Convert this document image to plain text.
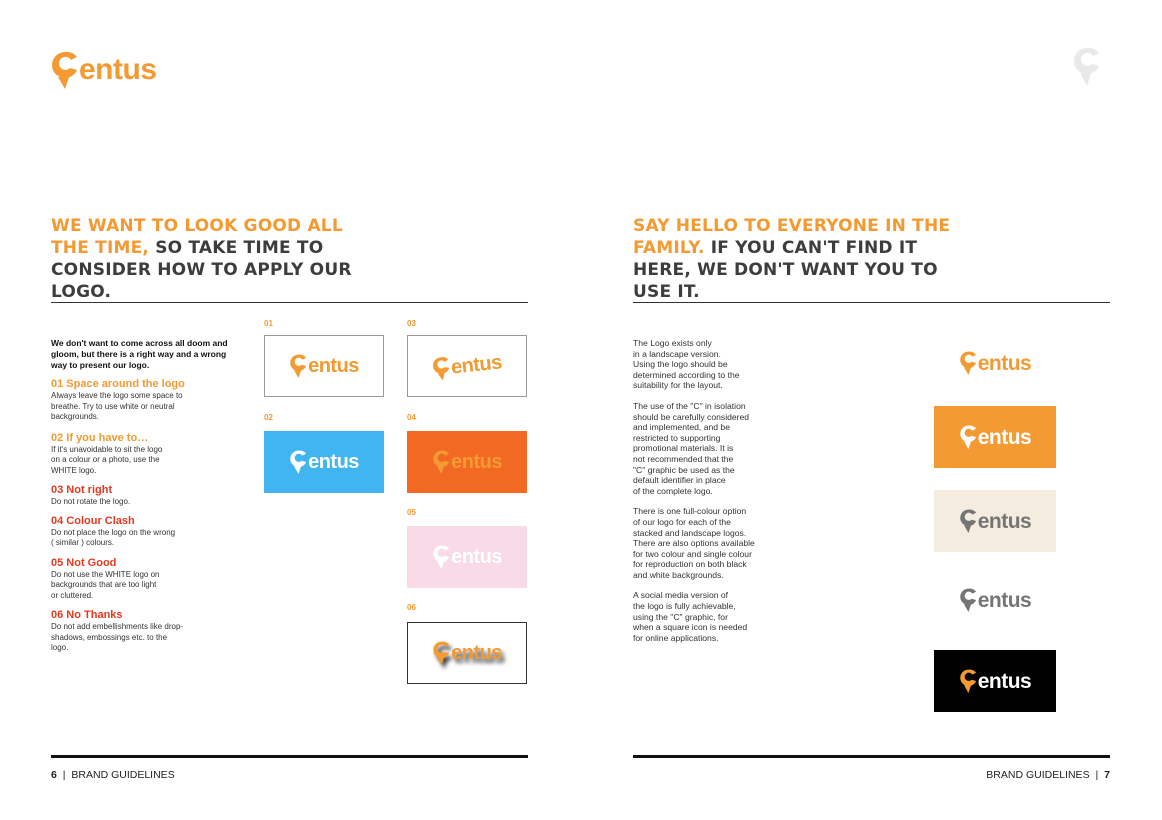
entus
WE WANT TO LOOK GOOD ALL THE TIME, SO TAKE TIME TO CONSIDER HOW TO APPLY OUR LOGO.
We don't want to come across all doom and gloom, but there is a right way and a wrong way to present our logo.
01 Space around the logo
Always leave the logo some space to breathe. Try to use white or neutral backgrounds.
02 If you have to…
If it's unavoidable to sit the logo on a colour or a photo, use the WHITE logo.
03 Not right
Do not rotate the logo.
04 Colour Clash
Do not place the logo on the wrong ( similar ) colours.
05 Not Good
Do not use the WHITE logo on backgrounds that are too light or cluttered.
06 No Thanks
Do not add embellishments like drop-shadows, embossings etc. to the logo.
01	03
02	04
05
06
entus	entus
entus	entus
entus
entus
6 | BRAND GUIDELINES
SAY HELLO TO EVERYONE IN THE FAMILY. IF YOU CAN'T FIND IT HERE, WE DON'T WANT YOU TO USE IT.
The Logo exists only
in a landscape version.
Using the logo should be
determined according to the
suitability for the layout.
The use of the "C" in isolation
should be carefully considered
and implemented, and be
restricted to supporting
promotional materials. It is
not recommended that the
"C" graphic be used as the
default identifier in place
of the complete logo.
There is one full-colour option
of our logo for each of the
stacked and landscape logos.
There are also options available
for two colour and single colour
for reproduction on both black
and white backgrounds.
A social media version of
the logo is fully achievable,
using the "C" graphic, for
when a square icon is needed
for online applications.
entus
entus
entus
entus
entus
BRAND GUIDELINES | 7
